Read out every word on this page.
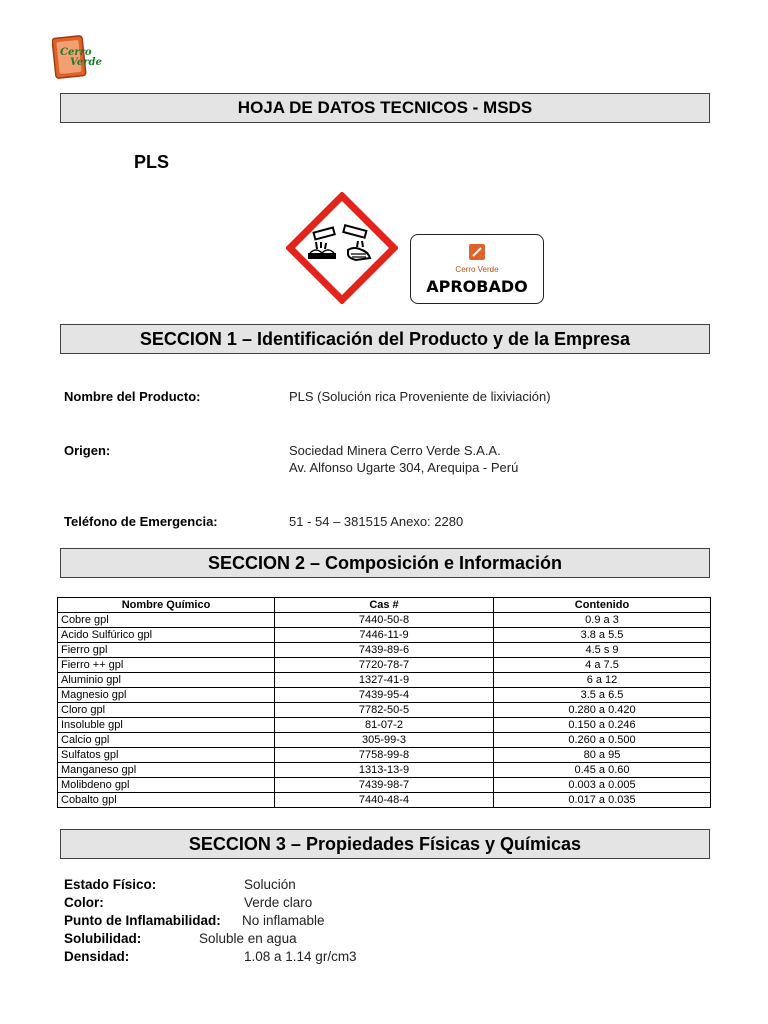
Cerro
Verde
HOJA DE DATOS TECNICOS - MSDS
PLS
Cerro Verde
APROBADO
SECCION 1 – Identificación del Producto y de la Empresa
Nombre del Producto:	PLS (Solución rica Proveniente de lixiviación)
Origen:	Sociedad Minera Cerro Verde S.A.A.
Av. Alfonso Ugarte 304, Arequipa - Perú
Teléfono de Emergencia:	51 - 54 – 381515 Anexo: 2280
SECCION 2 – Composición e Información
Nombre Químico	Cas #	Contenido
Cobre gpl	7440-50-8	0.9 a 3
Acido Sulfúrico gpl	7446-11-9	3.8 a 5.5
Fierro gpl	7439-89-6	4.5 s 9
Fierro ++ gpl	7720-78-7	4 a 7.5
Aluminio gpl	1327-41-9	6 a 12
Magnesio gpl	7439-95-4	3.5 a 6.5
Cloro gpl	7782-50-5	0.280 a 0.420
Insoluble gpl	81-07-2	0.150 a 0.246
Calcio gpl	305-99-3	0.260 a 0.500
Sulfatos gpl	7758-99-8	80 a 95
Manganeso gpl	1313-13-9	0.45 a 0.60
Molibdeno gpl	7439-98-7	0.003 a 0.005
Cobalto gpl	7440-48-4	0.017 a 0.035
SECCION 3 – Propiedades Físicas y Químicas
Estado Físico:	Solución
Color:	Verde claro
Punto de Inflamabilidad: No inflamable
Solubilidad:	Soluble en agua
Densidad:	1.08 a 1.14 gr/cm3
